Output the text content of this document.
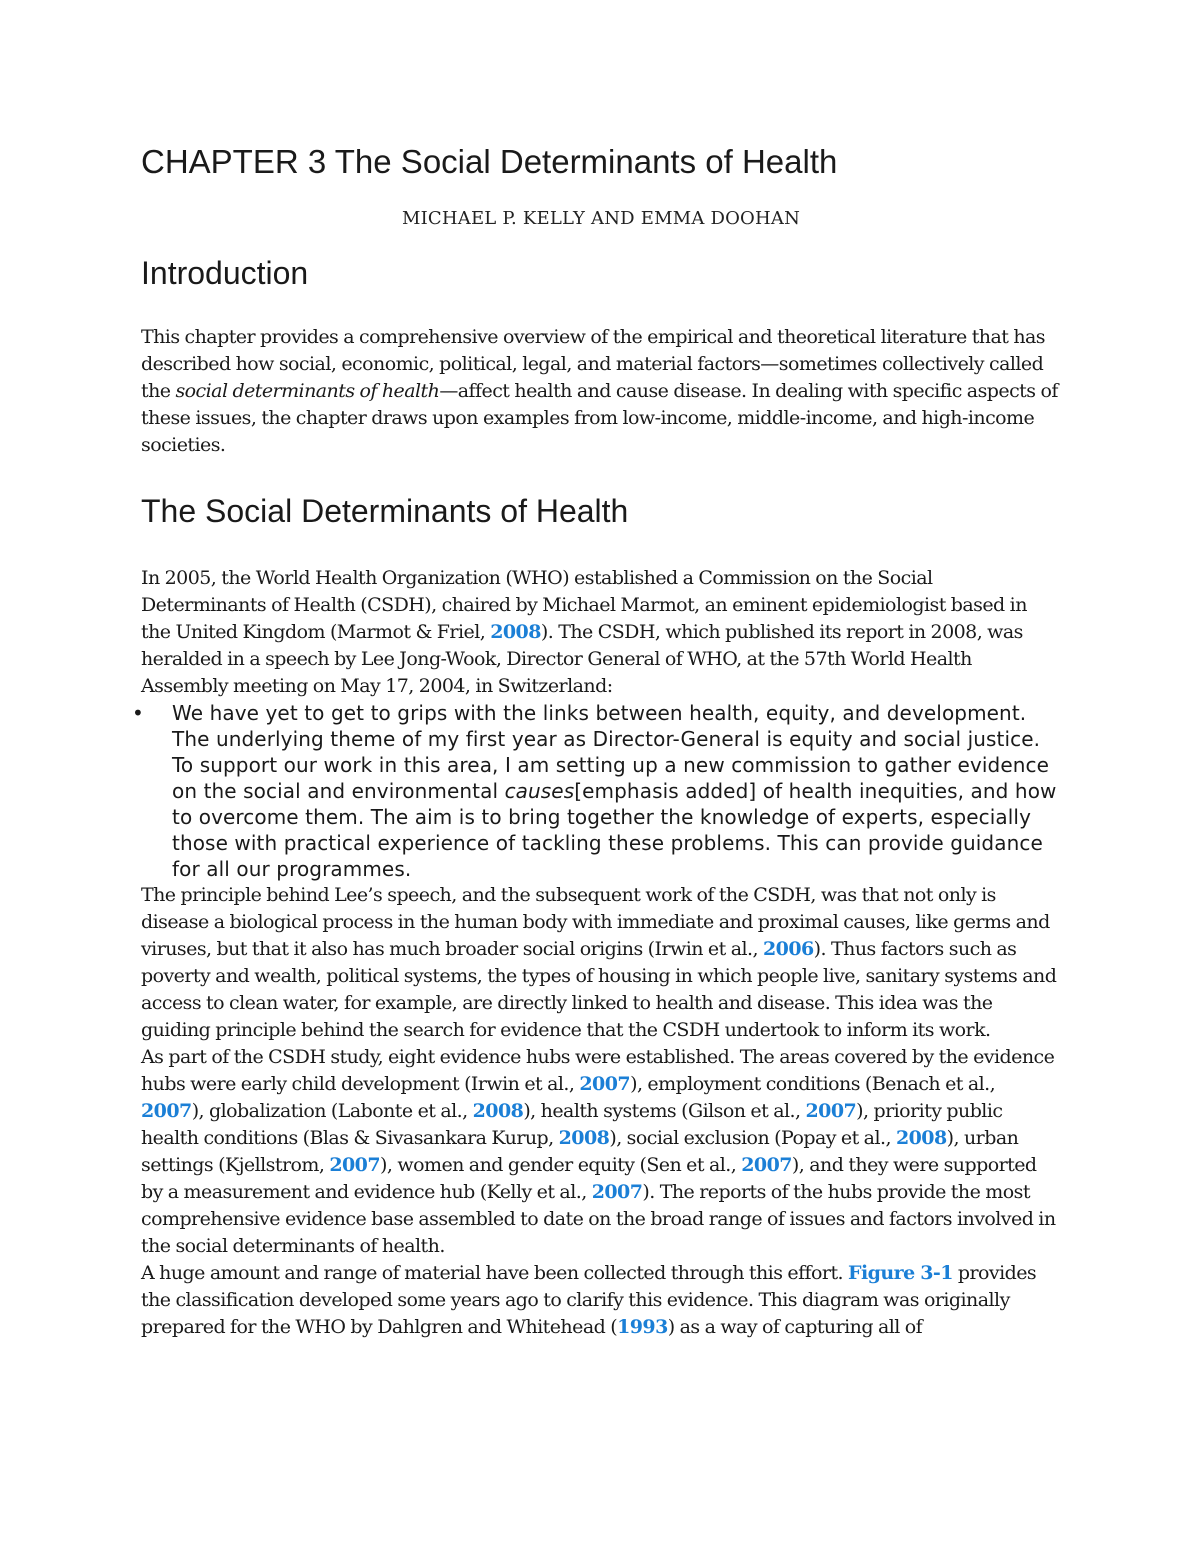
CHAPTER 3 The Social Determinants of Health

MICHAEL P. KELLY AND EMMA DOOHAN

Introduction

This chapter provides a comprehensive overview of the empirical and theoretical literature that has described how social, economic, political, legal, and material factors—sometimes collectively called the social determinants of health—affect health and cause disease. In dealing with specific aspects of these issues, the chapter draws upon examples from low-income, middle-income, and high-income societies.

The Social Determinants of Health

In 2005, the World Health Organization (WHO) established a Commission on the Social Determinants of Health (CSDH), chaired by Michael Marmot, an eminent epidemiologist based in the United Kingdom (Marmot & Friel, 2008). The CSDH, which published its report in 2008, was heralded in a speech by Lee Jong-Wook, Director General of WHO, at the 57th World Health Assembly meeting on May 17, 2004, in Switzerland:

• We have yet to get to grips with the links between health, equity, and development. The underlying theme of my first year as Director-General is equity and social justice. To support our work in this area, I am setting up a new commission to gather evidence on the social and environmental causes[emphasis added] of health inequities, and how to overcome them. The aim is to bring together the knowledge of experts, especially those with practical experience of tackling these problems. This can provide guidance for all our programmes.

The principle behind Lee’s speech, and the subsequent work of the CSDH, was that not only is disease a biological process in the human body with immediate and proximal causes, like germs and viruses, but that it also has much broader social origins (Irwin et al., 2006). Thus factors such as poverty and wealth, political systems, the types of housing in which people live, sanitary systems and access to clean water, for example, are directly linked to health and disease. This idea was the guiding principle behind the search for evidence that the CSDH undertook to inform its work.

As part of the CSDH study, eight evidence hubs were established. The areas covered by the evidence hubs were early child development (Irwin et al., 2007), employment conditions (Benach et al., 2007), globalization (Labonte et al., 2008), health systems (Gilson et al., 2007), priority public health conditions (Blas & Sivasankara Kurup, 2008), social exclusion (Popay et al., 2008), urban settings (Kjellstrom, 2007), women and gender equity (Sen et al., 2007), and they were supported by a measurement and evidence hub (Kelly et al., 2007). The reports of the hubs provide the most comprehensive evidence base assembled to date on the broad range of issues and factors involved in the social determinants of health.

A huge amount and range of material have been collected through this effort. Figure 3-1 provides the classification developed some years ago to clarify this evidence. This diagram was originally prepared for the WHO by Dahlgren and Whitehead (1993) as a way of capturing all of
